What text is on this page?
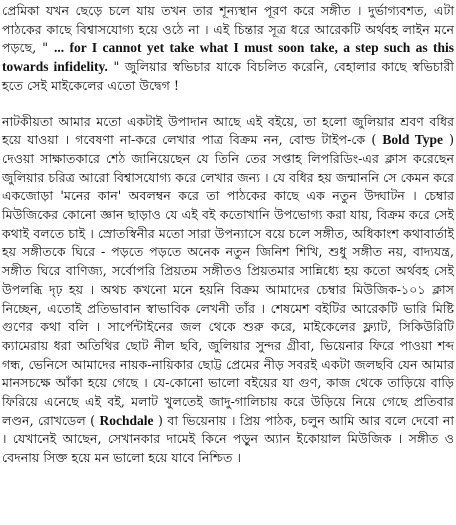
প্রেমিকা যখন ছেড়ে চলে যায় তখন তার শূন্যস্থান পূরণ করে সঙ্গীত । দুর্ভাগ্যবশত, এটা পাঠকের কাছে বিশ্বাসযোগ্য হয়ে ওঠে না । এই চিন্তার সূত্র ধরে আরেকটি অর্থবহ লাইন মনে পড়ছে, " ... for I cannot yet take what I must soon take, a step such as this towards infidelity. " জুলিয়ার স্বভিচার যাকে বিচলিত করেনি, বেহালার কাছে স্বভিচারী হতে সেই মাইকেলের এতো উদ্বেগ !

নাটকীয়তা আমার মতো একটাই উপাদান আছে এই বইয়ে, তা হলো জুলিয়ার শ্রবণ বধির হয়ে যাওয়া । গবেষণা না-করে লেখার পাত্র বিক্রম নন, বোল্ড টাইপ-কে ( Bold Type ) দেওয়া সাক্ষাতকারে শেঠ জানিয়েছেন যে তিনি তের সপ্তাহ লিপরিডিং-এর ক্লাস করেছেন জুলিয়ার চরিত্র আরো বিশ্বাসযোগ্য করে লেখার জন্য । যে বধির হয় জন্মাননি সে কেমন করে একজোড়া 'মনের কান' অবলম্বন করে তা পাঠকের কাছে এক নতুন উদ্ঘাটন । চেম্বার মিউজিকের কোনো জ্ঞান ছাড়াও যে এই বই কতোখানি উপভোগ্য করা যায়, বিক্রম করে সেই কথাই বলতে চাই । স্রোতস্বিনীর মতো সারা উপন্যাসে বয়ে চলে সঙ্গীত, অধিকাংশ কথাবার্তাই হয় সঙ্গীতকে ঘিরে - পড়তে পড়তে অনেক নতুন জিনিশ শিখি, শুধু সঙ্গীত নয়, বাদ্যযন্ত্র, সঙ্গীত ঘিরে বাণিজ্য, সর্বোপরি প্রিয়তম সঙ্গীতও প্রিয়তমার সান্নিধ্যে হয় কতো অর্থবহ সেই উপলব্ধি দৃঢ় হয় । অথচ কখনো মনে হয়নি বিক্রম আমাদের চেম্বার মিউজিক-১০১ ক্লাস নিচ্ছেন, এতোই প্রতিভাবান স্বাভাবিক লেখনী তাঁর । শেষমেশ বইটির আরেকটি ভারি মিষ্টি গুণের কথা বলি । সার্পেন্টাইনের জল থেকে শুরু করে, মাইকেলের ফ্ল্যাট, সিকিউরিটি ক্যামেরায় ধরা অতিথির ছোট নীল ছবি, জুলিয়ার সুন্দর গ্রীবা, ভিয়েনার ফিরে পাওয়া শব্দ গন্ধ, ভেনিসে আমাদের নায়ক-নায়িকার ছোট্ট প্রেমের নীড় সবরই একটা জলছবি যেন আমার মানসচক্ষে আঁকা হয়ে গেছে । যে-কোনো ভালো বইয়ের যা গুণ, কাজ থেকে তাড়িয়ে বাড়ি ফিরিয়ে এনেছে এই বই, মলাট খুলতেই জাদু-গালিচায় করে উড়িয়ে নিয়ে গেছে প্রতিবার লণ্ডন, রোখডেল ( Rochdale ) বা ভিয়েনায় । প্রিয় পাঠক, চলুন আমি আর বলে দেবো না । যেখানেই আছেন, সেখানকার দামেই কিনে পড়ুন অ্যান ইকোয়াল মিউজিক । সঙ্গীত ও বেদনায় সিক্ত হয়ে মন ভালো হয়ে যাবে নিশ্চিত ।
